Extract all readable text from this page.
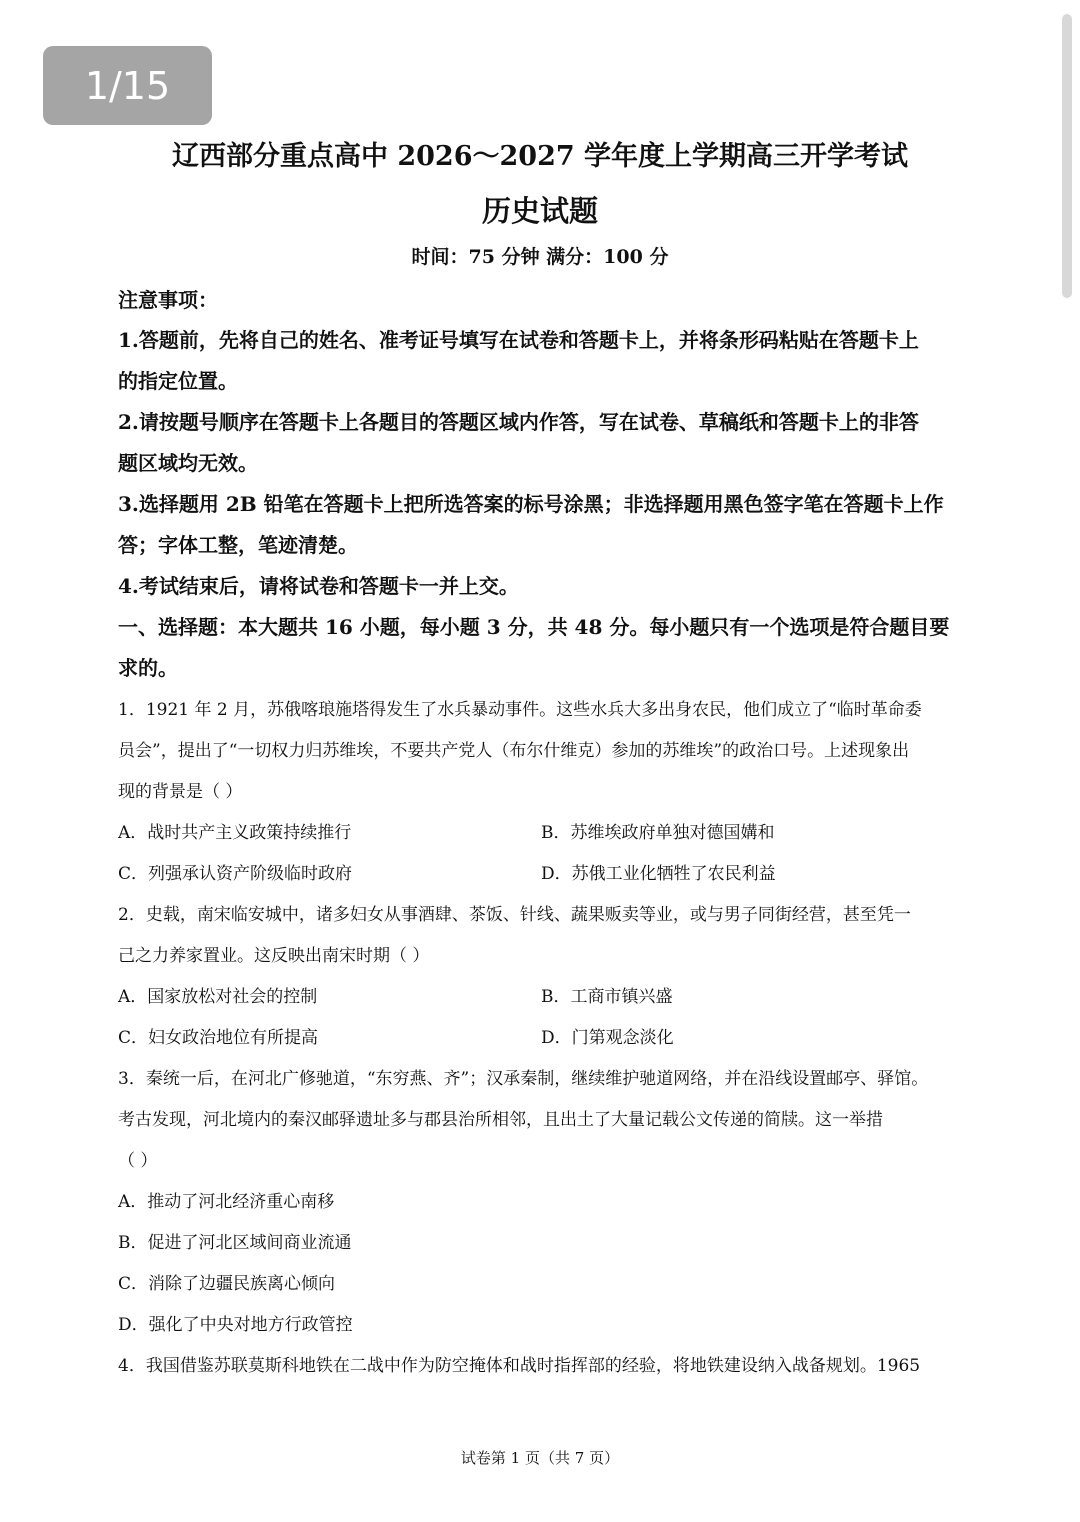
1/15
辽西部分重点高中 2026～2027 学年度上学期高三开学考试
历史试题
时间：75 分钟 满分：100 分
注意事项：
1.答题前，先将自己的姓名、准考证号填写在试卷和答题卡上，并将条形码粘贴在答题卡上
的指定位置。
2.请按题号顺序在答题卡上各题目的答题区域内作答，写在试卷、草稿纸和答题卡上的非答
题区域均无效。
3.选择题用 2B 铅笔在答题卡上把所选答案的标号涂黑；非选择题用黑色签字笔在答题卡上作
答；字体工整，笔迹清楚。
4.考试结束后，请将试卷和答题卡一并上交。
一、选择题：本大题共 16 小题，每小题 3 分，共 48 分。每小题只有一个选项是符合题目要
求的。
1．1921 年 2 月，苏俄喀琅施塔得发生了水兵暴动事件。这些水兵大多出身农民，他们成立了“临时革命委
员会”，提出了“一切权力归苏维埃，不要共产党人（布尔什维克）参加的苏维埃”的政治口号。上述现象出
现的背景是（ ）
A．战时共产主义政策持续推行	B．苏维埃政府单独对德国媾和
C．列强承认资产阶级临时政府	D．苏俄工业化牺牲了农民利益
2．史载，南宋临安城中，诸多妇女从事酒肆、茶饭、针线、蔬果贩卖等业，或与男子同街经营，甚至凭一
己之力养家置业。这反映出南宋时期（ ）
A．国家放松对社会的控制	B．工商市镇兴盛
C．妇女政治地位有所提高	D．门第观念淡化
3．秦统一后，在河北广修驰道，“东穷燕、齐”；汉承秦制，继续维护驰道网络，并在沿线设置邮亭、驿馆。
考古发现，河北境内的秦汉邮驿遗址多与郡县治所相邻，且出土了大量记载公文传递的简牍。这一举措
（ ）
A．推动了河北经济重心南移
B．促进了河北区域间商业流通
C．消除了边疆民族离心倾向
D．强化了中央对地方行政管控
4．我国借鉴苏联莫斯科地铁在二战中作为防空掩体和战时指挥部的经验，将地铁建设纳入战备规划。1965
试卷第 1 页（共 7 页）
